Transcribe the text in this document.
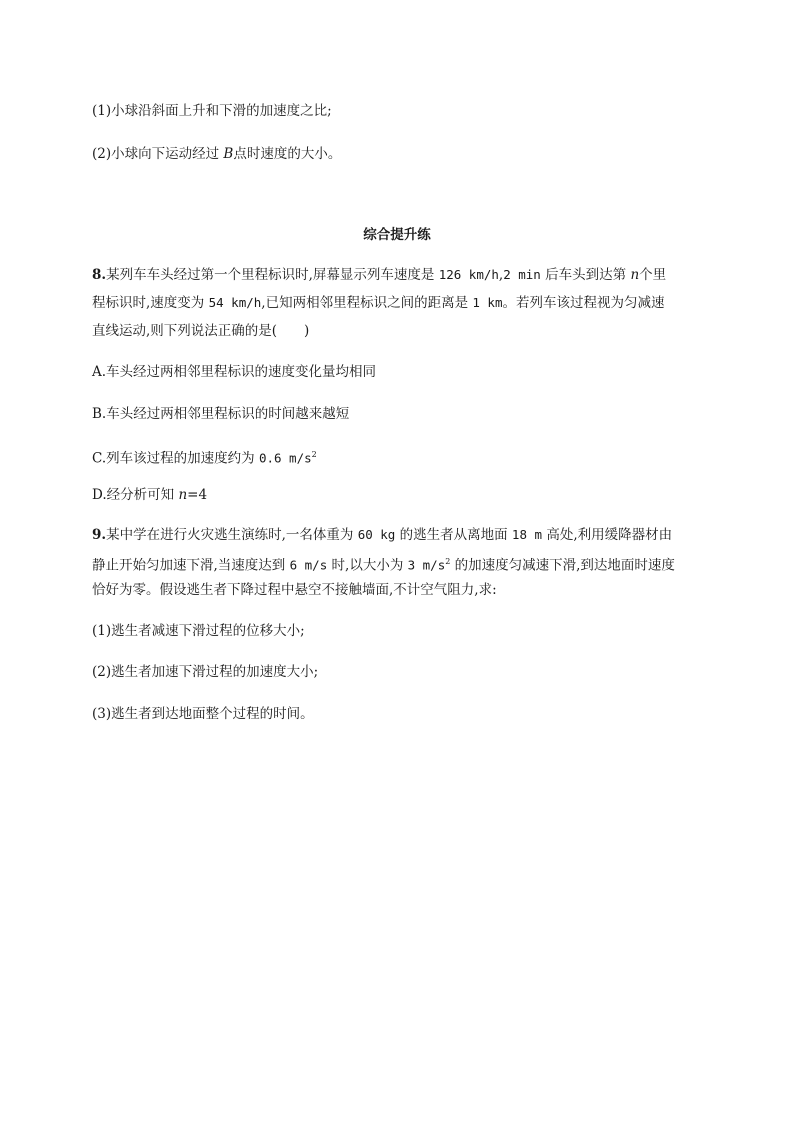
(1)小球沿斜面上升和下滑的加速度之比;
(2)小球向下运动经过 B点时速度的大小。
综合提升练
8.某列车车头经过第一个里程标识时,屏幕显示列车速度是 126 km/h,2 min 后车头到达第 n个里
程标识时,速度变为 54 km/h,已知两相邻里程标识之间的距离是 1 km。若列车该过程视为匀减速
直线运动,则下列说法正确的是(　　)
A.车头经过两相邻里程标识的速度变化量均相同
B.车头经过两相邻里程标识的时间越来越短
C.列车该过程的加速度约为 0.6 $m/s^2$
D.经分析可知 n=4
9.某中学在进行火灾逃生演练时,一名体重为 60 kg 的逃生者从离地面 18 m 高处,利用缓降器材由
静止开始匀加速下滑,当速度达到 6 m/s 时,以大小为 3 $m/s^2$ 的加速度匀减速下滑,到达地面时速度
恰好为零。假设逃生者下降过程中悬空不接触墙面,不计空气阻力,求:
(1)逃生者减速下滑过程的位移大小;
(2)逃生者加速下滑过程的加速度大小;
(3)逃生者到达地面整个过程的时间。
